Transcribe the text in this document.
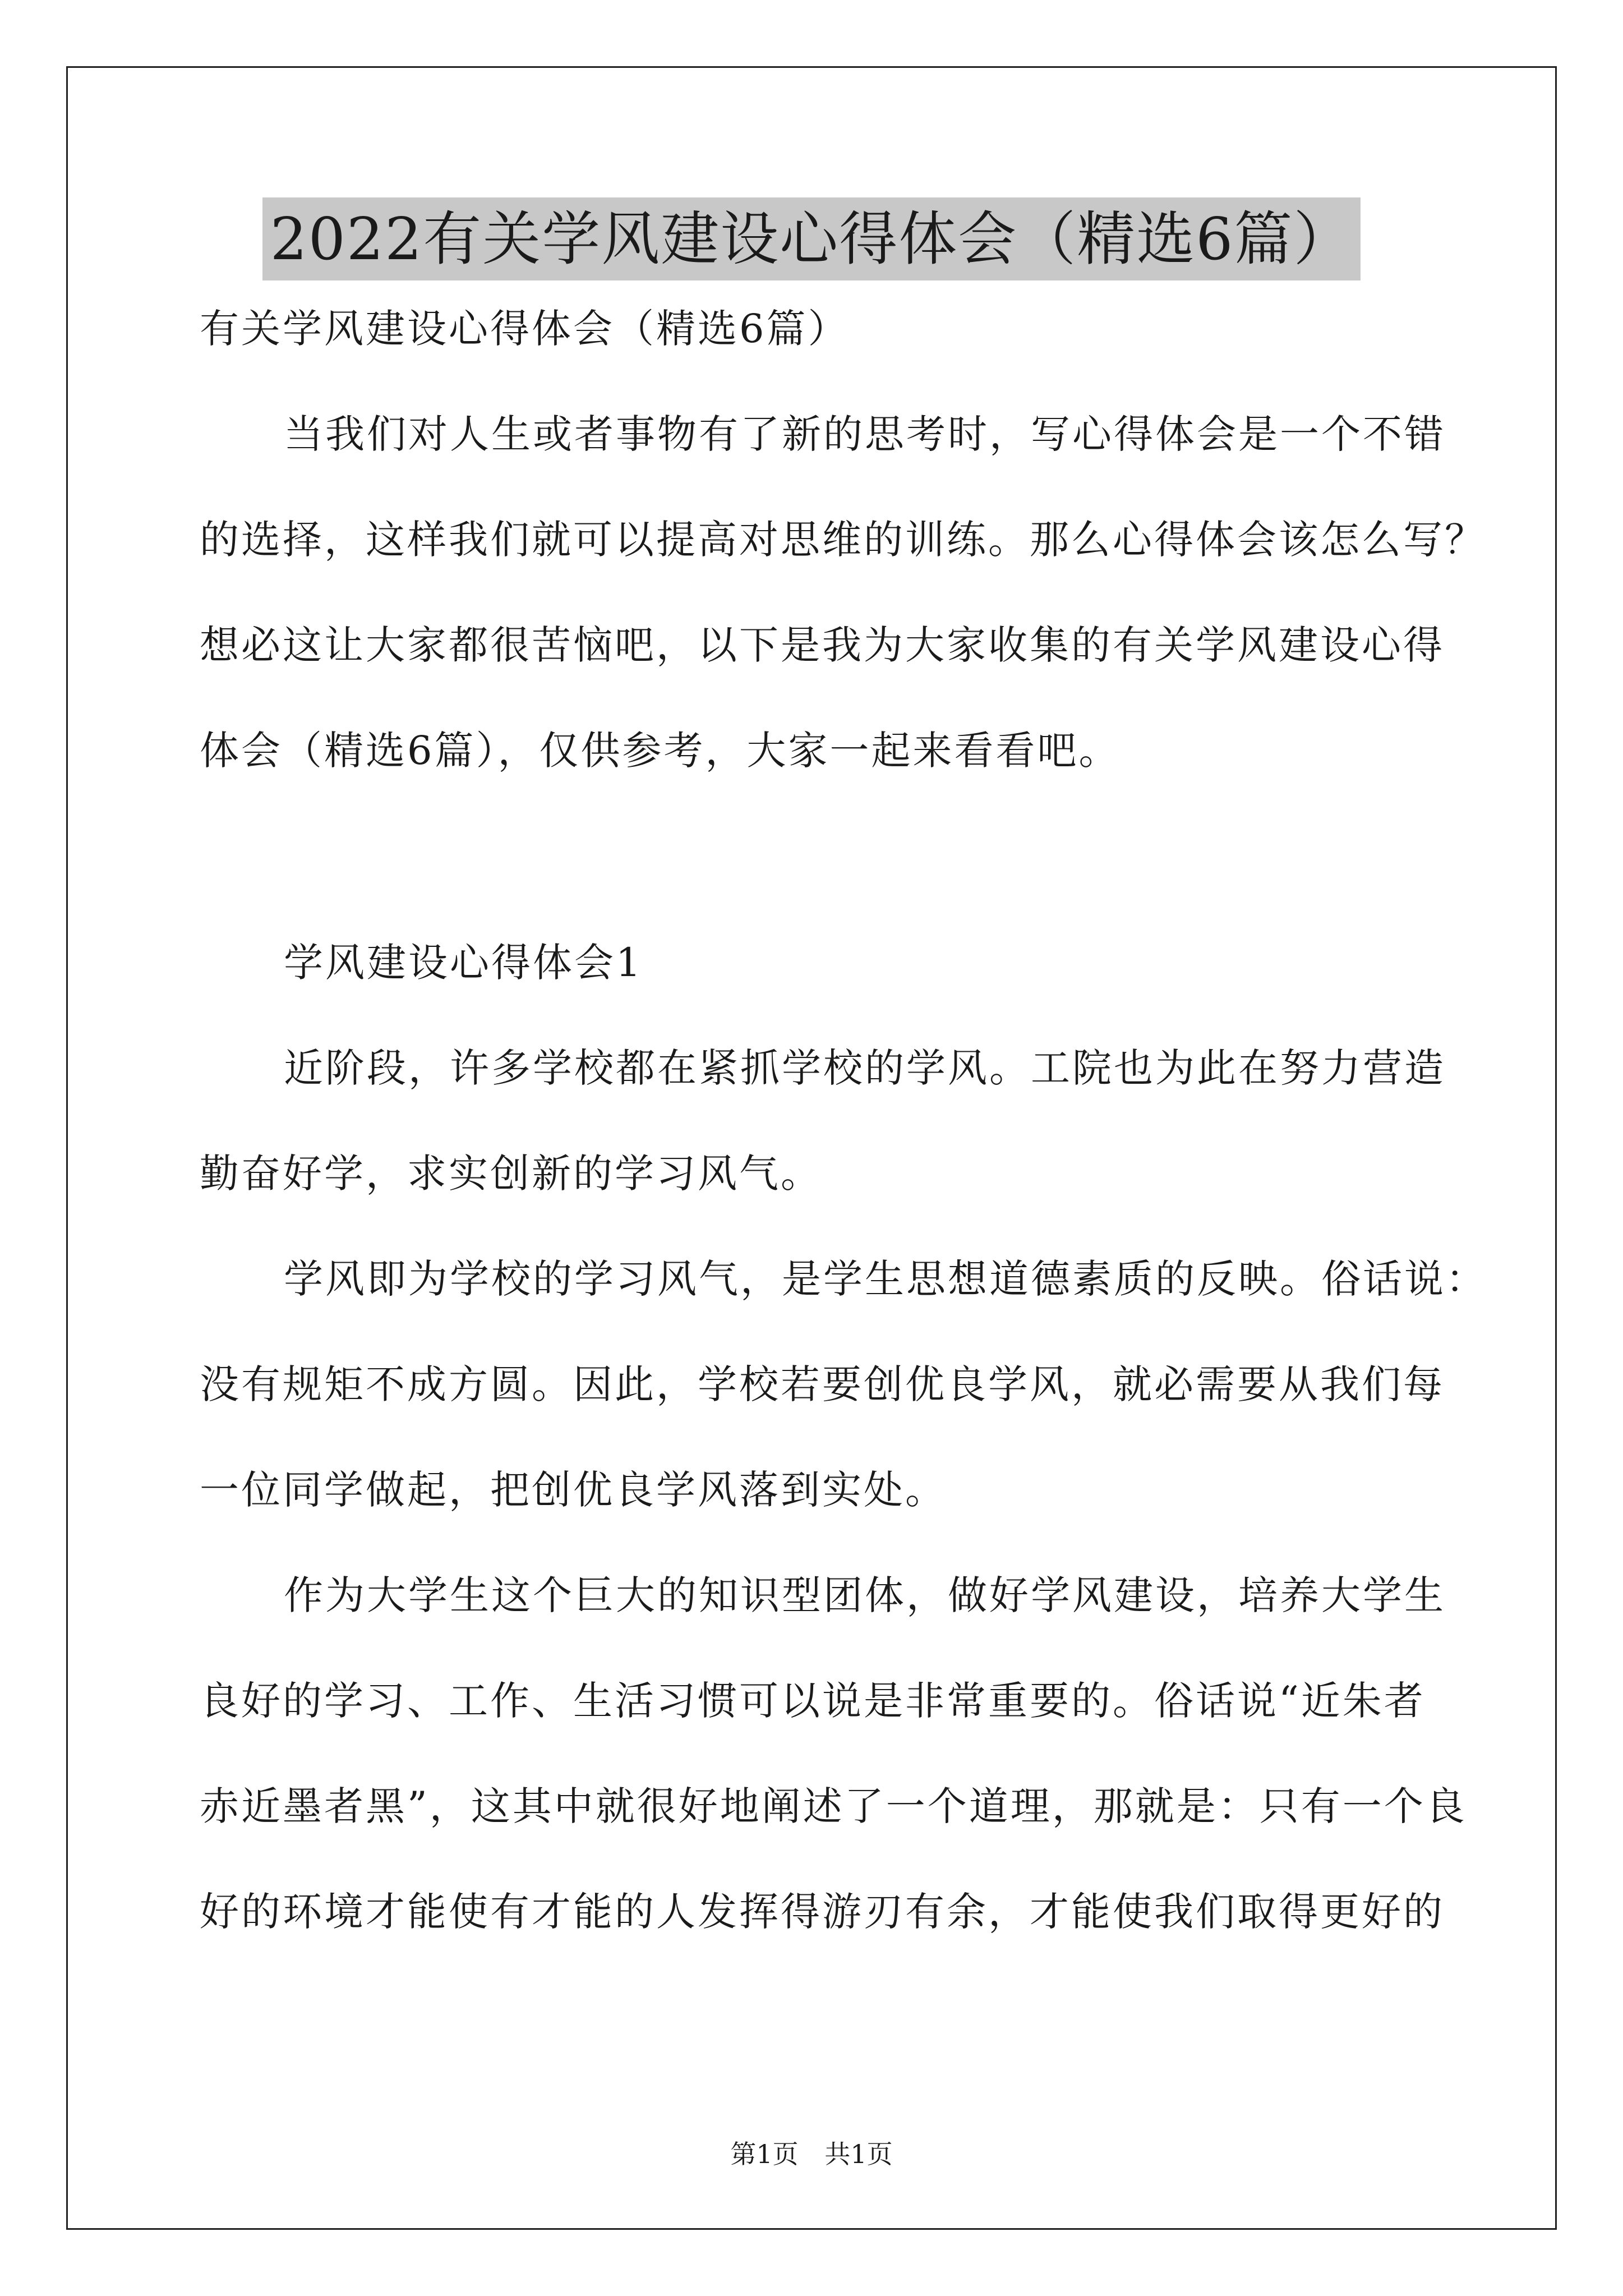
2022有关学风建设心得体会（精选6篇）
有关学风建设心得体会（精选6篇）
当我们对人生或者事物有了新的思考时，写心得体会是一个不错
的选择，这样我们就可以提高对思维的训练。那么心得体会该怎么写？
想必这让大家都很苦恼吧，以下是我为大家收集的有关学风建设心得
体会（精选6篇），仅供参考，大家一起来看看吧。
学风建设心得体会1
近阶段，许多学校都在紧抓学校的学风。工院也为此在努力营造
勤奋好学，求实创新的学习风气。
学风即为学校的学习风气，是学生思想道德素质的反映。俗话说：
没有规矩不成方圆。因此，学校若要创优良学风，就必需要从我们每
一位同学做起，把创优良学风落到实处。
作为大学生这个巨大的知识型团体，做好学风建设，培养大学生
良好的学习、工作、生活习惯可以说是非常重要的。俗话说“近朱者
赤近墨者黑”，这其中就很好地阐述了一个道理，那就是：只有一个良
好的环境才能使有才能的人发挥得游刃有余，才能使我们取得更好的
第1页 共1页
